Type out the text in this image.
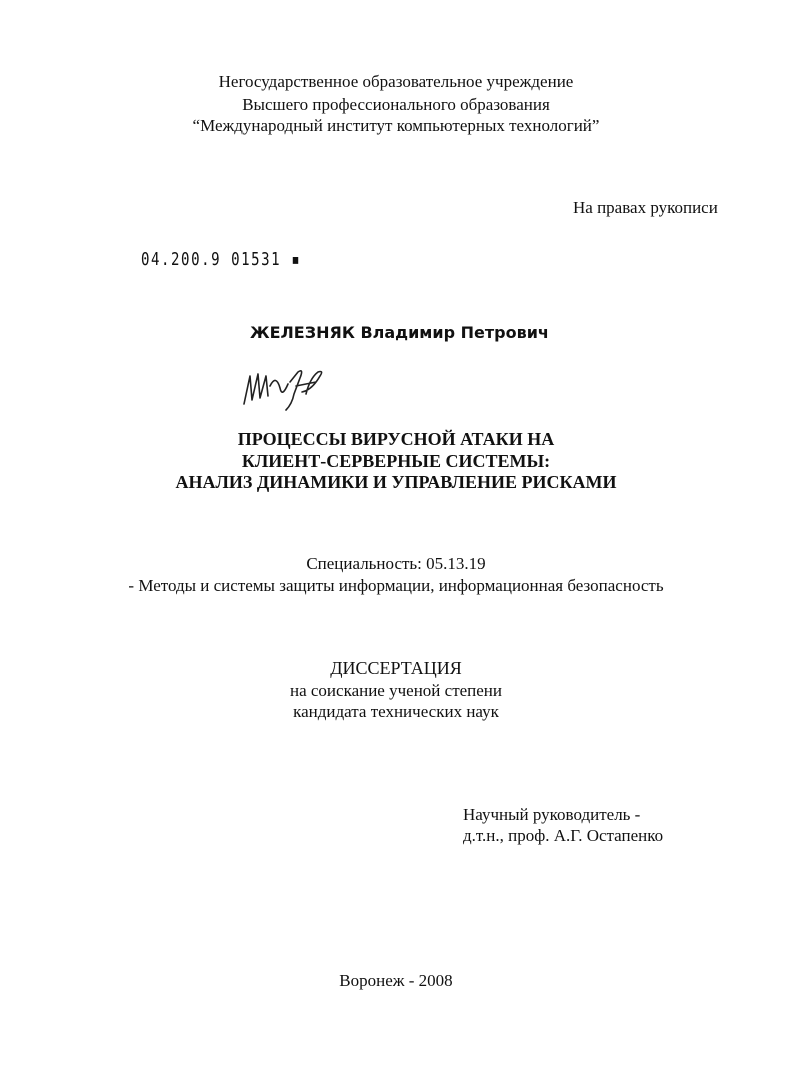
Негосударственное образовательное учреждение
Высшего профессионального образования
“Международный институт компьютерных технологий”
На правах рукописи
04.200.9 01531 ▪
ЖЕЛЕЗНЯК Владимир Петрович
ПРОЦЕССЫ ВИРУСНОЙ АТАКИ НА
КЛИЕНТ-СЕРВЕРНЫЕ СИСТЕМЫ:
АНАЛИЗ ДИНАМИКИ И УПРАВЛЕНИЕ РИСКАМИ
Специальность: 05.13.19
- Методы и системы защиты информации, информационная безопасность
ДИССЕРТАЦИЯ
на соискание ученой степени
кандидата технических наук
Научный руководитель -
д.т.н., проф. А.Г. Остапенко
Воронеж - 2008
